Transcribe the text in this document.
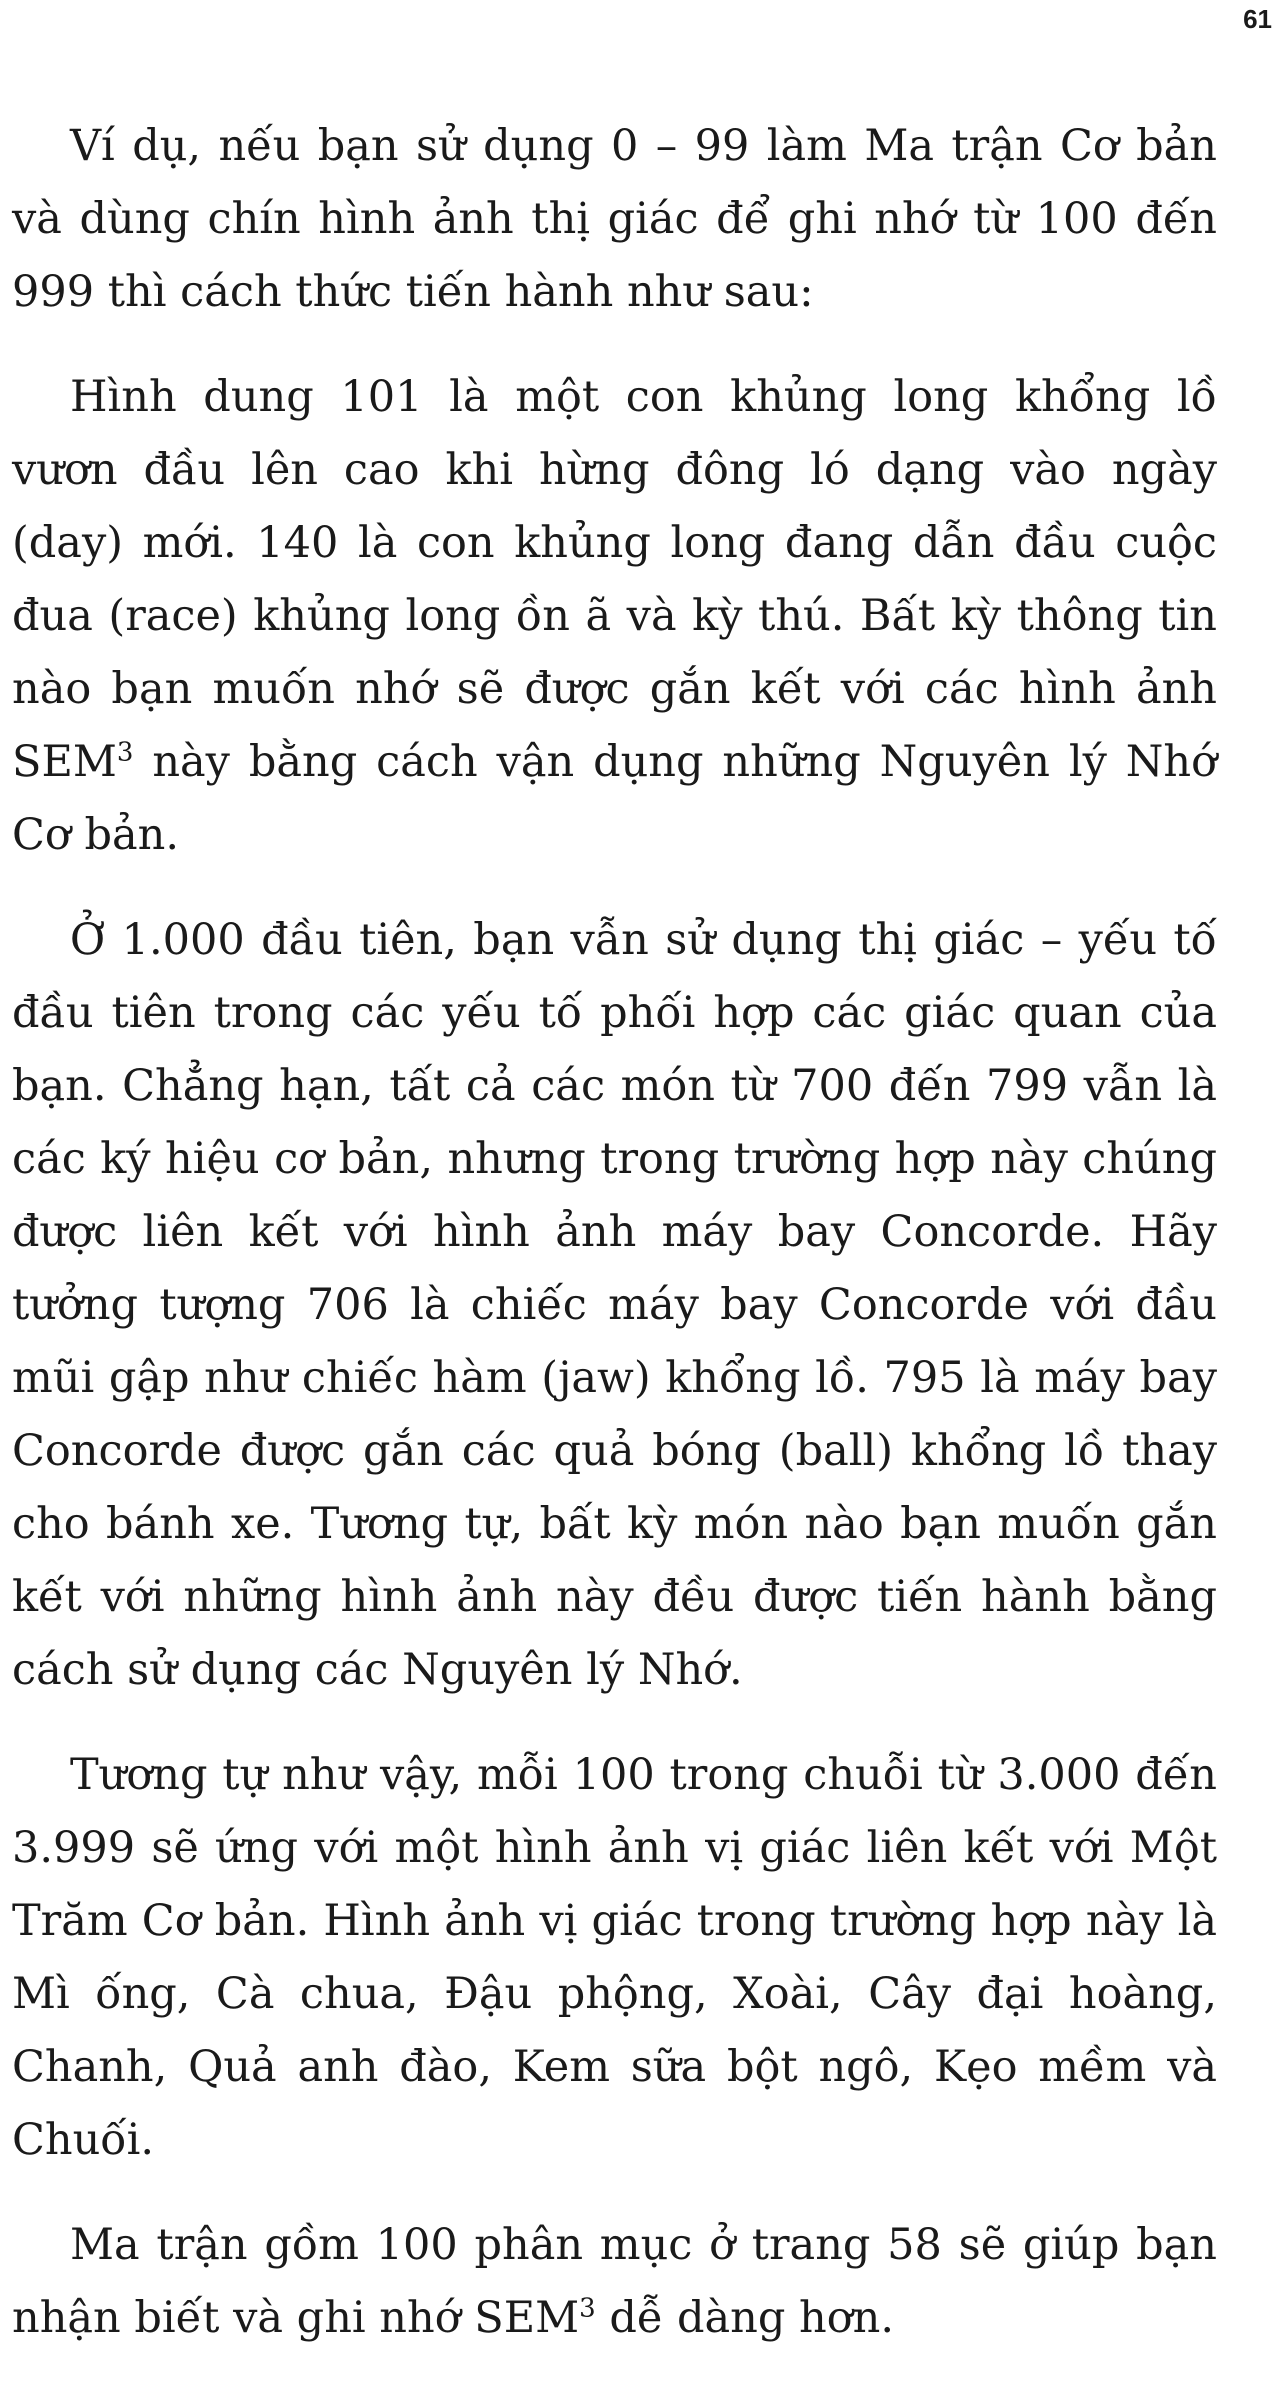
61

Ví dụ, nếu bạn sử dụng 0 – 99 làm Ma trận Cơ bản và dùng chín hình ảnh thị giác để ghi nhớ từ 100 đến 999 thì cách thức tiến hành như sau:

Hình dung 101 là một con khủng long khổng lồ vươn đầu lên cao khi hừng đông ló dạng vào ngày (day) mới. 140 là con khủng long đang dẫn đầu cuộc đua (race) khủng long ồn ã và kỳ thú. Bất kỳ thông tin nào bạn muốn nhớ sẽ được gắn kết với các hình ảnh SEM$^3$ này bằng cách vận dụng những Nguyên lý Nhớ Cơ bản.

Ở 1.000 đầu tiên, bạn vẫn sử dụng thị giác – yếu tố đầu tiên trong các yếu tố phối hợp các giác quan của bạn. Chẳng hạn, tất cả các món từ 700 đến 799 vẫn là các ký hiệu cơ bản, nhưng trong trường hợp này chúng được liên kết với hình ảnh máy bay Concorde. Hãy tưởng tượng 706 là chiếc máy bay Concorde với đầu mũi gập như chiếc hàm (jaw) khổng lồ. 795 là máy bay Concorde được gắn các quả bóng (ball) khổng lồ thay cho bánh xe. Tương tự, bất kỳ món nào bạn muốn gắn kết với những hình ảnh này đều được tiến hành bằng cách sử dụng các Nguyên lý Nhớ.

Tương tự như vậy, mỗi 100 trong chuỗi từ 3.000 đến 3.999 sẽ ứng với một hình ảnh vị giác liên kết với Một Trăm Cơ bản. Hình ảnh vị giác trong trường hợp này là Mì ống, Cà chua, Đậu phộng, Xoài, Cây đại hoàng, Chanh, Quả anh đào, Kem sữa bột ngô, Kẹo mềm và Chuối.

Ma trận gồm 100 phân mục ở trang 58 sẽ giúp bạn nhận biết và ghi nhớ SEM$^3$ dễ dàng hơn.
